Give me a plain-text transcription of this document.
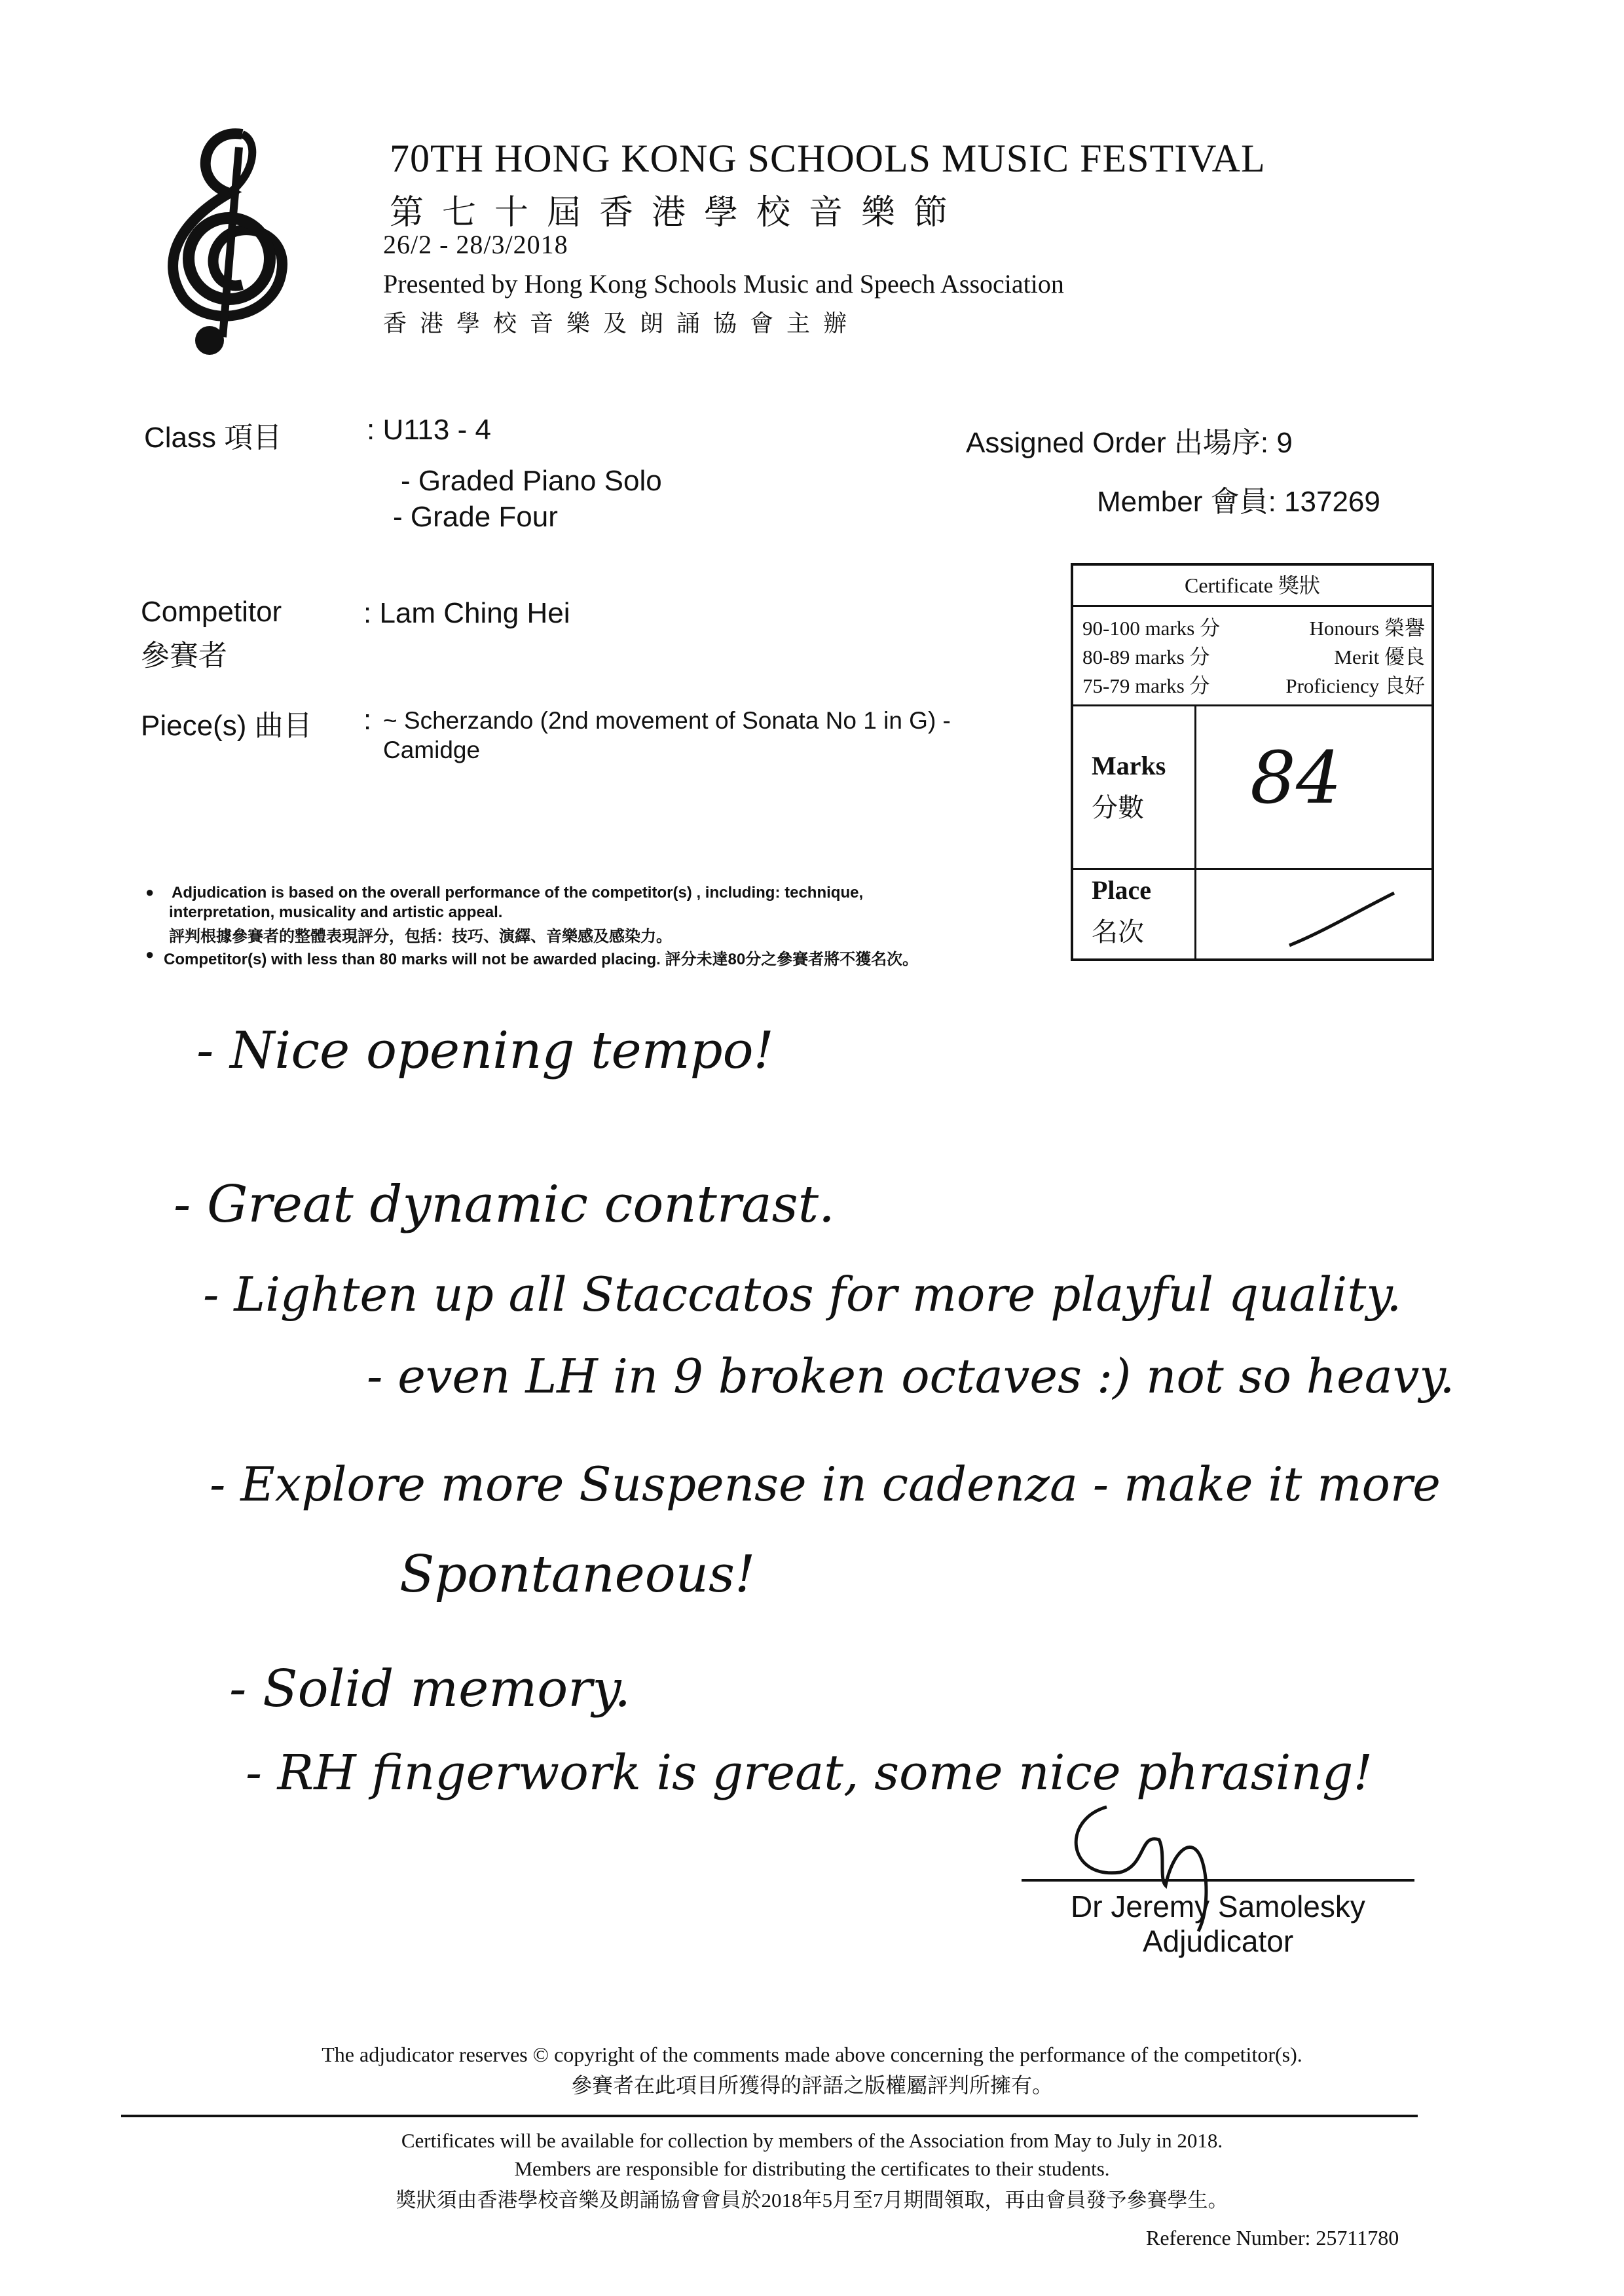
70TH HONG KONG SCHOOLS MUSIC FESTIVAL
第七十屆香港學校音樂節
26/2 - 28/3/2018
Presented by Hong Kong Schools Music and Speech Association
香港學校音樂及朗誦協會主辦
Class 項目	: U113 - 4
- Graded Piano Solo
- Grade Four
Assigned Order 出場序: 9
Member 會員: 137269
Competitor
參賽者
: Lam Ching Hei
Piece(s) 曲目 : ~ Scherzando (2nd movement of Sonata No 1 in G) -
Camidge
Certificate 獎狀
90-100 marks 分	Honours 榮譽
80-89 marks 分	Merit 優良
75-79 marks 分	Proficiency 良好
Marks
分數 84
Place
名次
● Adjudication is based on the overall performance of the competitor(s) , including: technique,
interpretation, musicality and artistic appeal.
評判根據參賽者的整體表現評分，包括：技巧、演繹、音樂感及感染力。
● Competitor(s) with less than 80 marks will not be awarded placing. 評分未達80分之參賽者將不獲名次。
- Nice opening tempo!
- Great dynamic contrast.
- Lighten up all Staccatos for more playful quality.
- even LH in 9 broken octaves :) not so heavy.
- Explore more Suspense in cadenza - make it more
Spontaneous!
- Solid memory.
- RH fingerwork is great, some nice phrasing!
Dr Jeremy Samolesky
Adjudicator
The adjudicator reserves © copyright of the comments made above concerning the performance of the competitor(s).
參賽者在此項目所獲得的評語之版權屬評判所擁有。
Certificates will be available for collection by members of the Association from May to July in 2018.
Members are responsible for distributing the certificates to their students.
獎狀須由香港學校音樂及朗誦協會會員於2018年5月至7月期間領取，再由會員發予參賽學生。
Reference Number: 25711780
